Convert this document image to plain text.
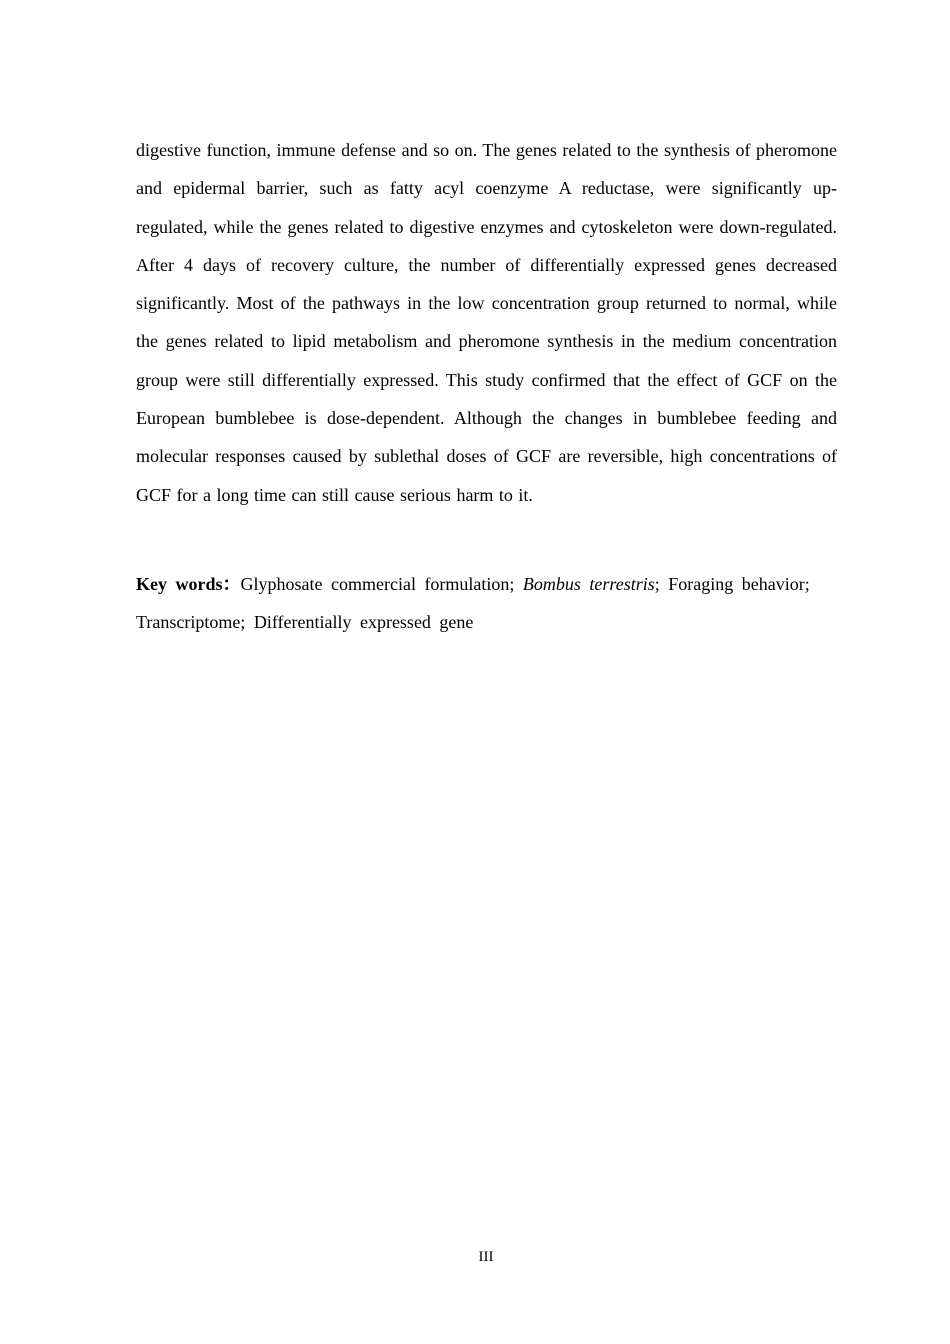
digestive function, immune defense and so on. The genes related to the synthesis of pheromone and epidermal barrier, such as fatty acyl coenzyme A reductase, were significantly up-regulated, while the genes related to digestive enzymes and cytoskeleton were down-regulated. After 4 days of recovery culture, the number of differentially expressed genes decreased significantly. Most of the pathways in the low concentration group returned to normal, while the genes related to lipid metabolism and pheromone synthesis in the medium concentration group were still differentially expressed. This study confirmed that the effect of GCF on the European bumblebee is dose-dependent. Although the changes in bumblebee feeding and molecular responses caused by sublethal doses of GCF are reversible, high concentrations of GCF for a long time can still cause serious harm to it.

Key words：Glyphosate commercial formulation; Bombus terrestris; Foraging behavior; Transcriptome; Differentially expressed gene

III
